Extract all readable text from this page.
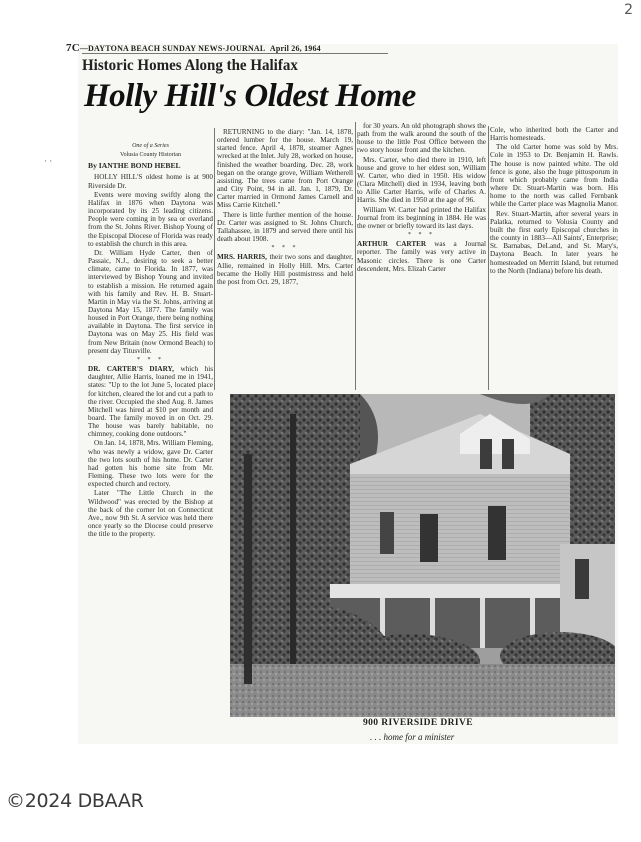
2
7C—DAYTONA BEACH SUNDAY NEWS-JOURNAL April 26, 1964
Historic Homes Along the Halifax
Holly Hill's Oldest Home
· ·

One of a Series

Volusia County Historian

By IANTHE BOND HEBEL

HOLLY HILL'S oldest home is at 900 Riverside Dr.

Events were moving swiftly along the Halifax in 1876 when Daytona was incorporated by its 25 leading citizens. People were coming in by sea or overland from the St. Johns River. Bishop Young of the Episcopal Diocese of Florida was ready to establish the church in this area.

Dr. William Hyde Carter, then of Passaic, N.J., desiring to seek a better climate, came to Florida. In 1877, was interviewed by Bishop Young and invited to establish a mission. He returned again with his family and Rev. H. B. Stuart-Martin in May via the St. Johns, arriving at Daytona May 15, 1877. The family was housed in Port Orange, there being nothing available in Daytona. The first service in Daytona was on May 25. His field was from New Britain (now Ormond Beach) to present day Titusville.

* * *

DR. CARTER'S DIARY, which his daughter, Allie Harris, loaned me in 1941, states: "Up to the lot June 5, located place for kitchen, cleared the lot and cut a path to the river. Occupied the shed Aug. 8. James Mitchell was hired at $10 per month and board. The family moved in on Oct. 29. The house was barely habitable, no chimney, cooking done outdoors."

On Jan. 14, 1878, Mrs. William Fleming, who was newly a widow, gave Dr. Carter the two lots south of his home. Dr. Carter had gotten his home site from Mr. Fleming. These two lots were for the expected church and rectory.

Later "The Little Church in the Wildwood" was erected by the Bishop at the back of the corner lot on Connecticut Ave., now 9th St. A service was held there once yearly so the Diocese could preserve the title to the property.

RETURNING to the diary: "Jan. 14, 1878, ordered lumber for the house. March 19, started fence. April 4, 1878, steamer Agnes wrecked at the Inlet. July 28, worked on house, finished the weather boarding. Dec. 28, work began on the orange grove, William Wetherell assisting. The trees came from Port Orange and City Point, 94 in all. Jan. 1, 1879, Dr. Carter married in Ormond James Carnell and Miss Carrie Kitchell."

There is little further mention of the house. Dr. Carter was assigned to St. Johns Church, Tallahassee, in 1879 and served there until his death about 1908.

* * *

MRS. HARRIS, their two sons and daughter, Allie, remained in Holly Hill. Mrs. Carter became the Holly Hill postmistress and held the post from Oct. 29, 1877,

for 30 years. An old photograph shows the path from the walk around the south of the house to the little Post Office between the two story house front and the kitchen.

Mrs. Carter, who died there in 1910, left house and grove to her eldest son, William W. Carter, who died in 1950. His widow (Clara Mitchell) died in 1934, leaving both to Allie Carter Harris, wife of Charles A. Harris. She died in 1950 at the age of 96.

William W. Carter had printed the Halifax Journal from its beginning in 1884. He was the owner or briefly toward its last days.

* * *

ARTHUR CARTER was a Journal reporter. The family was very active in Masonic circles. There is one Carter descendent, Mrs. Elizah Carter

Cole, who inherited both the Carter and Harris homesteads.

The old Carter home was sold by Mrs. Cole in 1953 to Dr. Benjamin H. Rawls. The house is now painted white. The old fence is gone, also the huge pittosporum in front which probably came from India where Dr. Stuart-Martin was born. His home to the north was called Fernbank while the Carter place was Magnolia Manor.

Rev. Stuart-Martin, after several years in Palatka, returned to Volusia County and built the first early Episcopal churches in the county in 1883—All Saints', Enterprise; St. Barnabas, DeLand, and St. Mary's, Daytona Beach. In later years he homesteaded on Merritt Island, but returned to the North (Indiana) before his death.

900 RIVERSIDE DRIVE
. . . home for a minister
©2024 DBAAR
